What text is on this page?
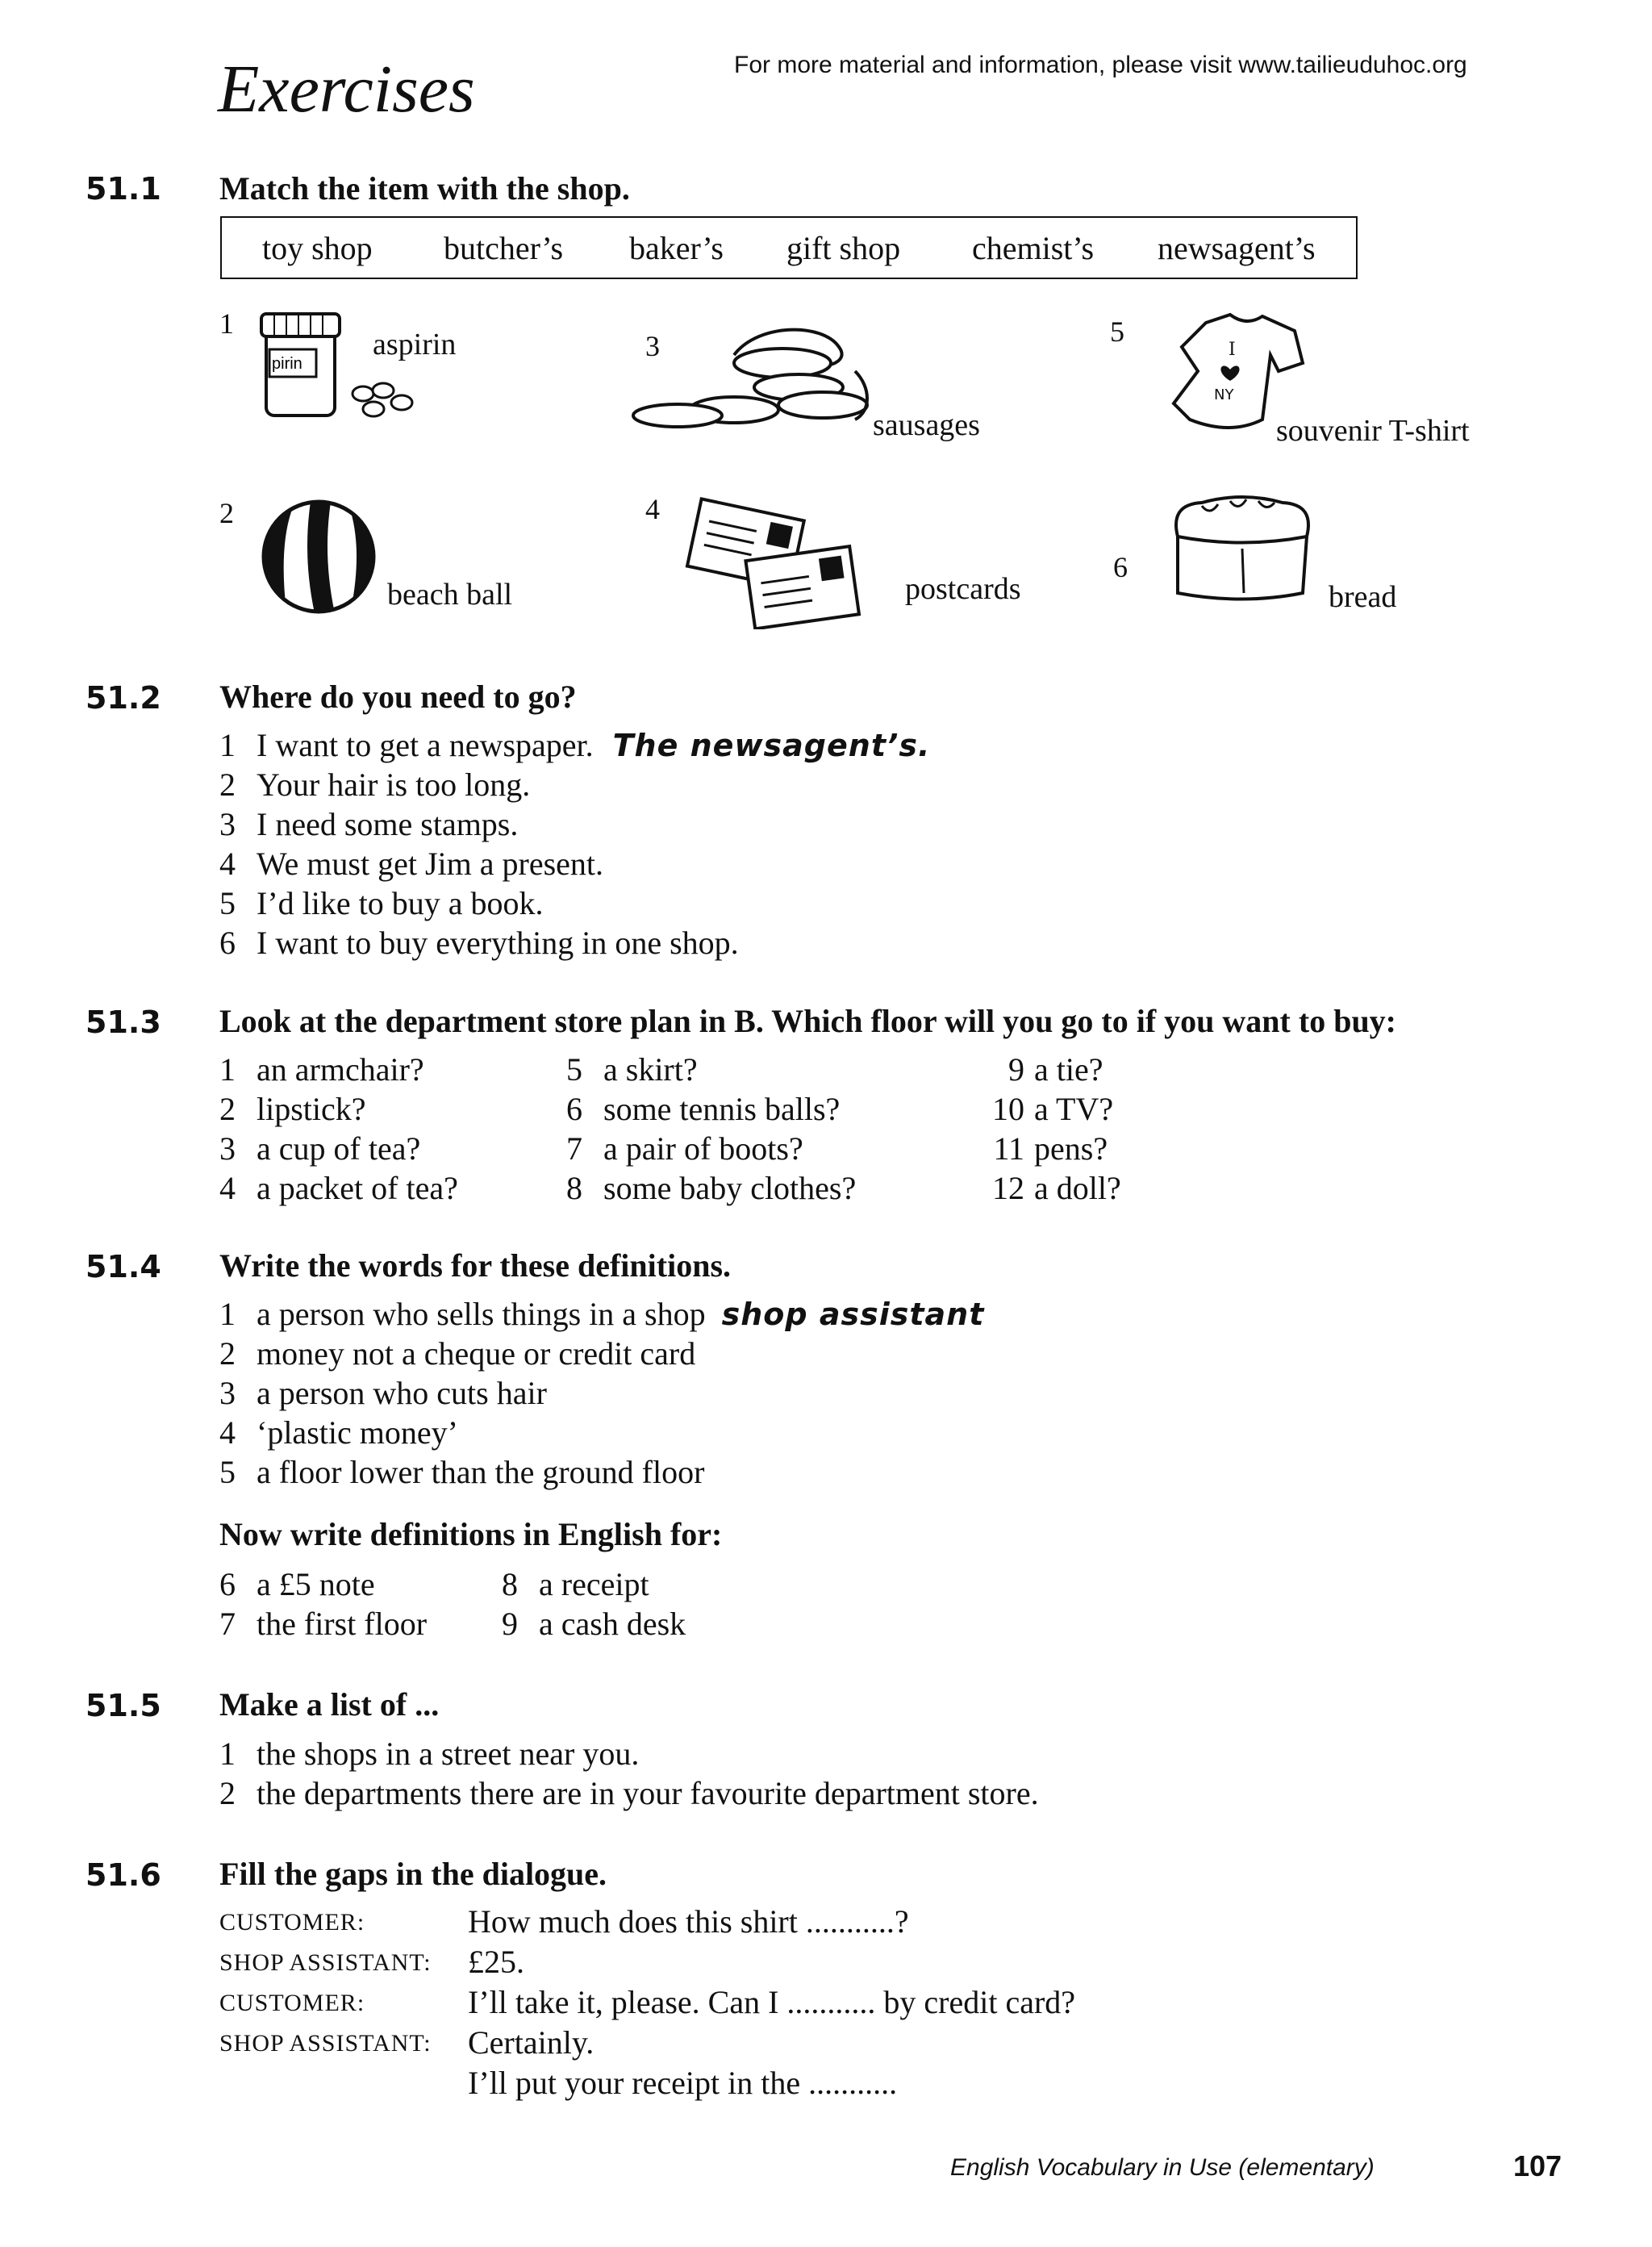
Exercises	For more material and information, please visit www.tailieuduhoc.org
51.1 Match the item with the shop.
toy shop butcher’s baker’s gift shop chemist’s newsagent’s
1
pirin
aspirin	3
sausages
5
I
NY
souvenir T-shirt
2
beach ball
4
postcards
6
bread
51.2 Where do you need to go?
1 I want to get a newspaper. The newsagent’s.
2 Your hair is too long.
3 I need some stamps.
4 We must get Jim a present.
5 I’d like to buy a book.
6 I want to buy everything in one shop.
51.3 Look at the department store plan in B. Which floor will you go to if you want to buy:
1 an armchair?
2 lipstick?
3 a cup of tea?
4 a packet of tea?
5 a skirt?
6 some tennis balls?
7 a pair of boots?
8 some baby clothes?
9 a tie?
10 a TV?
11 pens?
12 a doll?
51.4 Write the words for these definitions.
1 a person who sells things in a shop shop assistant
2 money not a cheque or credit card
3 a person who cuts hair
4 ‘plastic money’
5 a floor lower than the ground floor
Now write definitions in English for:
6 a £5 note
7 the first floor
8 a receipt
9 a cash desk
51.5 Make a list of ...
1 the shops in a street near you.
2 the departments there are in your favourite department store.
51.6 Fill the gaps in the dialogue.
CUSTOMER:	How much does this shirt ...........?
SHOP ASSISTANT: £25.
CUSTOMER:	I’ll take it, please. Can I ........... by credit card?
SHOP ASSISTANT: Certainly.
I’ll put your receipt in the ...........
English Vocabulary in Use (elementary)	107
